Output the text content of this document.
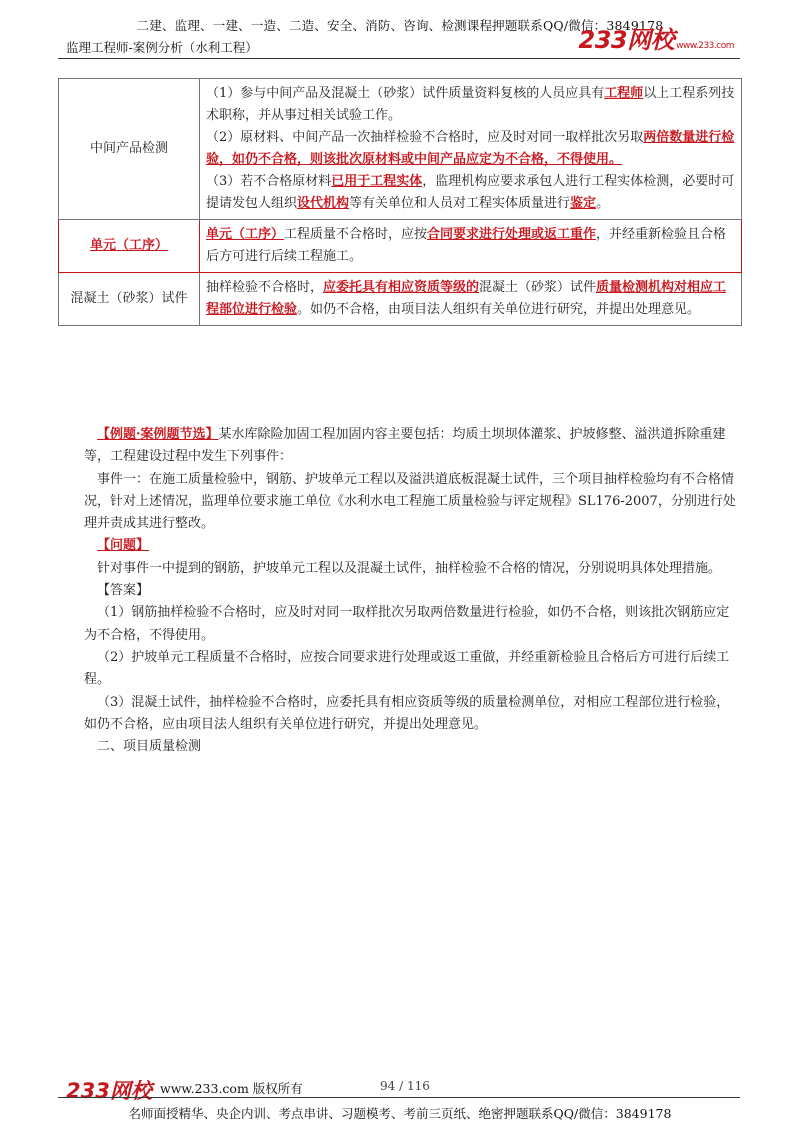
二建、监理、一建、一造、二造、安全、消防、咨询、检测课程押题联系QQ/微信：3849178
监理工程师-案例分析（水利工程）	233网校 www.233.com
中间产品检测	（1）参与中间产品及混凝土（砂浆）试件质量资料复核的人员应具有工程师以上工程系列技术职称，并从事过相关试验工作。

（2）原材料、中间产品一次抽样检验不合格时，应及时对同一取样批次另取两倍数量进行检验，如仍不合格，则该批次原材料或中间产品应定为不合格，不得使用。

（3）若不合格原材料已用于工程实体，监理机构应要求承包人进行工程实体检测，必要时可提请发包人组织设代机构等有关单位和人员对工程实体质量进行鉴定。

单元（工序）	单元（工序）工程质量不合格时，应按合同要求进行处理或返工重作，并经重新检验且合格后方可进行后续工程施工。

混凝土（砂浆）试件	抽样检验不合格时，应委托具有相应资质等级的混凝土（砂浆）试件质量检测机构对相应工程部位进行检验。如仍不合格，由项目法人组织有关单位进行研究，并提出处理意见。

【例题·案例题节选】某水库除险加固工程加固内容主要包括：均质土坝坝体灌浆、护坡修整、溢洪道拆除重建等，工程建设过程中发生下列事件：

事件一：在施工质量检验中，钢筋、护坡单元工程以及溢洪道底板混凝土试件，三个项目抽样检验均有不合格情况，针对上述情况，监理单位要求施工单位《水利水电工程施工质量检验与评定规程》SL176-2007，分别进行处理并责成其进行整改。

【问题】

针对事件一中提到的钢筋，护坡单元工程以及混凝土试件，抽样检验不合格的情况，分别说明具体处理措施。

【答案】

（1）钢筋抽样检验不合格时，应及时对同一取样批次另取两倍数量进行检验，如仍不合格，则该批次钢筋应定为不合格，不得使用。

（2）护坡单元工程质量不合格时，应按合同要求进行处理或返工重做，并经重新检验且合格后方可进行后续工程。

（3）混凝土试件，抽样检验不合格时，应委托具有相应资质等级的质量检测单位，对相应工程部位进行检验，如仍不合格，应由项目法人组织有关单位进行研究，并提出处理意见。

二、项目质量检测

233网校 www.233.com 版权所有	94 / 116
名师面授精华、央企内训、考点串讲、习题模考、考前三页纸、绝密押题联系QQ/微信：3849178
